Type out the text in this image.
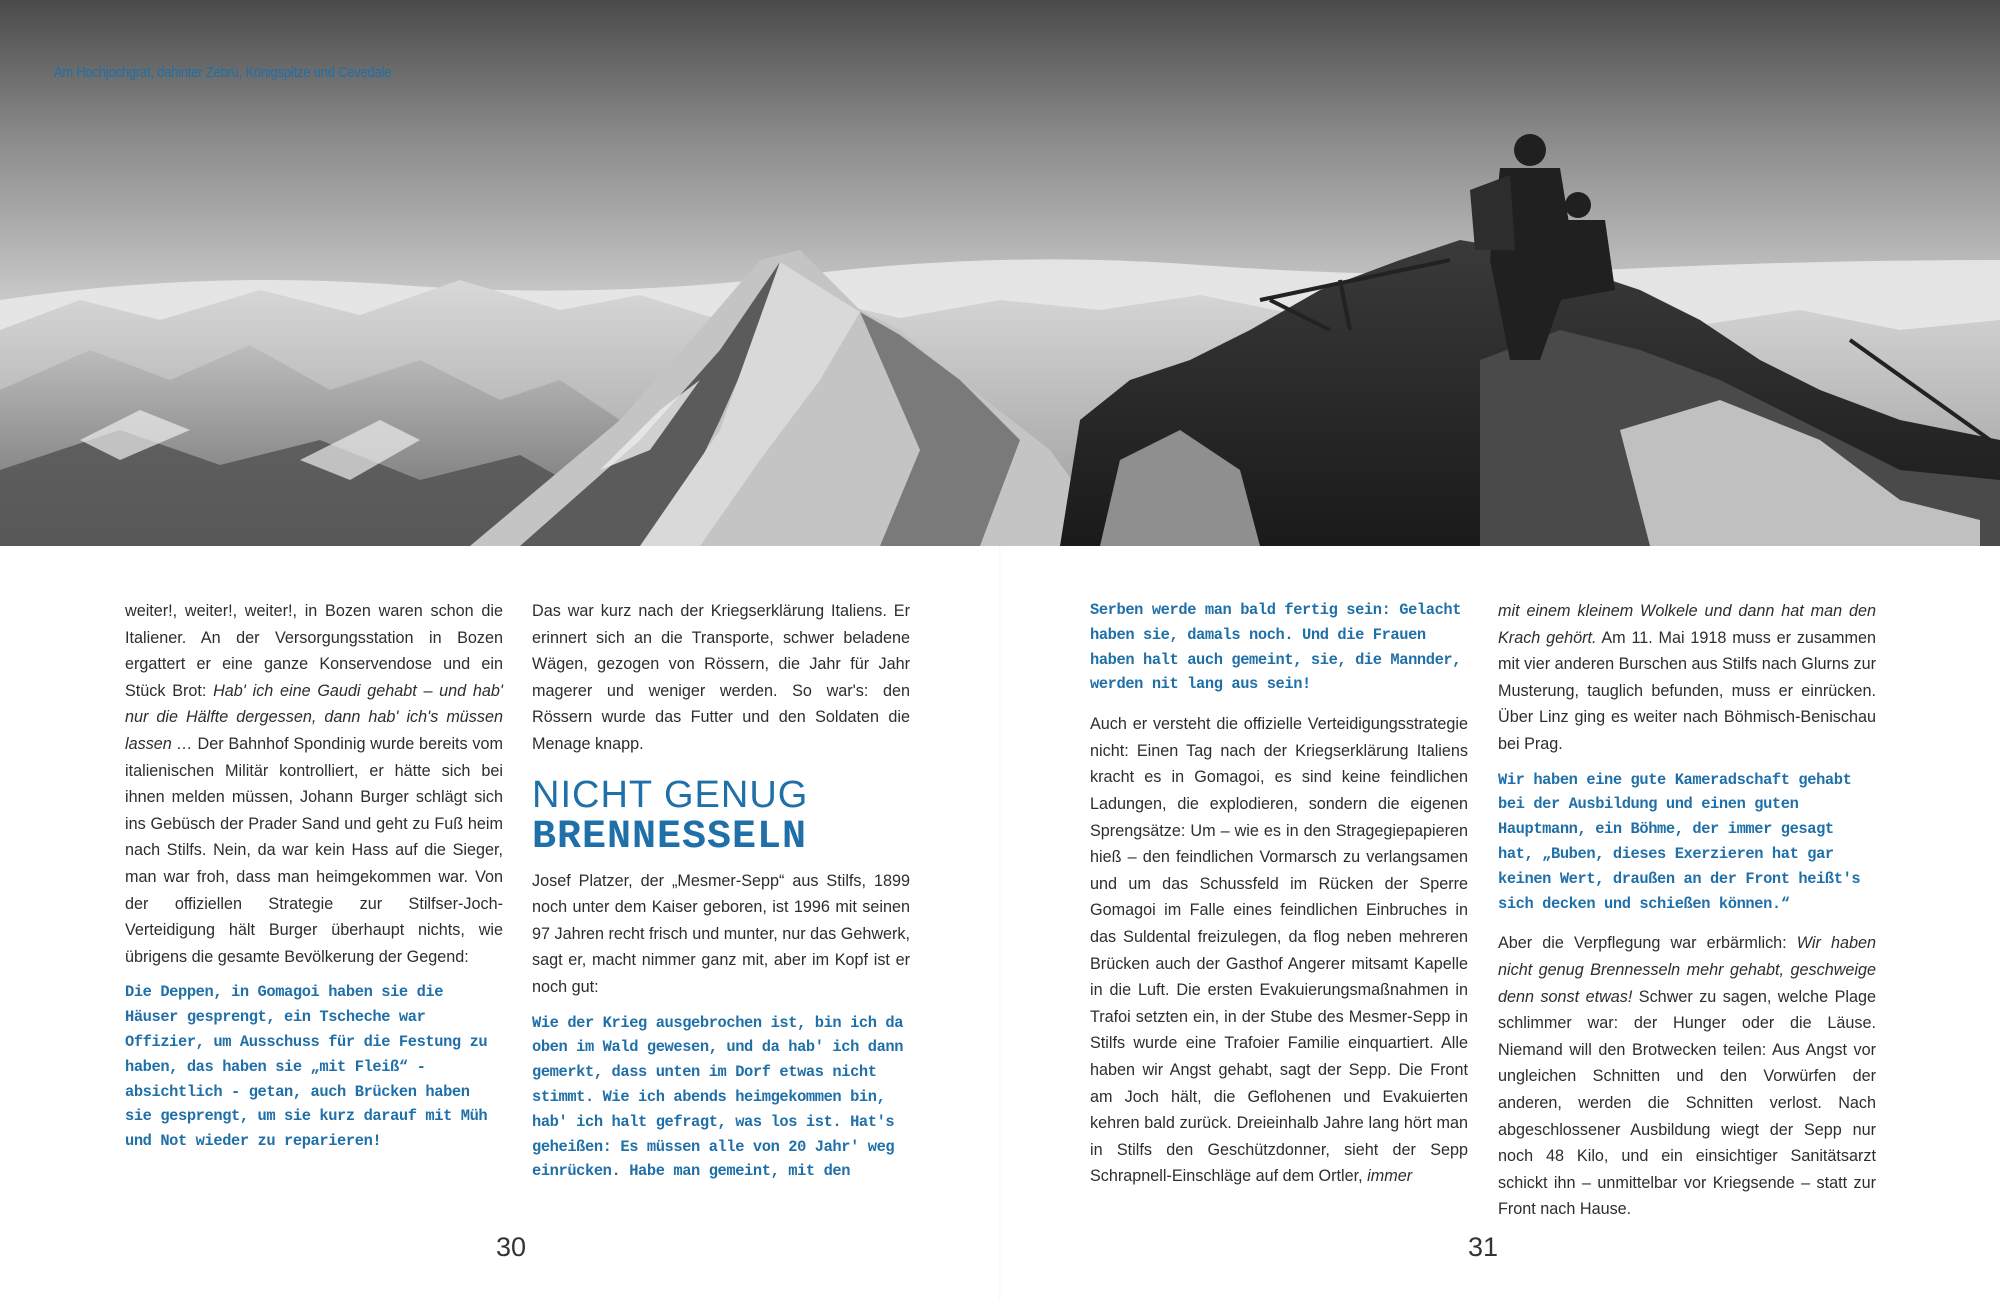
Am Hochjochgrat, dahinter Zebrù, Königspitze und Cevedale

weiter!, weiter!, weiter!, in Bozen waren schon die Italiener. An der Versorgungsstation in Bozen ergattert er eine ganze Konservendose und ein Stück Brot: Hab' ich eine Gaudi gehabt – und hab' nur die Hälfte dergessen, dann hab' ich's müssen lassen … Der Bahnhof Spondinig wurde bereits vom italienischen Militär kontrolliert, er hätte sich bei ihnen melden müssen, Johann Burger schlägt sich ins Gebüsch der Prader Sand und geht zu Fuß heim nach Stilfs. Nein, da war kein Hass auf die Sieger, man war froh, dass man heimgekommen war. Von der offiziellen Strategie zur Stilfser-Joch-Verteidigung hält Burger überhaupt nichts, wie übrigens die gesamte Bevölkerung der Gegend:

Die Deppen, in Gomagoi haben sie die Häuser gesprengt, ein Tscheche war Offizier, um Ausschuss für die Festung zu haben, das haben sie „mit Fleiß“ - absichtlich - getan, auch Brücken haben sie gesprengt, um sie kurz darauf mit Müh und Not wieder zu reparieren!

Das war kurz nach der Kriegserklärung Italiens. Er erinnert sich an die Transporte, schwer beladene Wägen, gezogen von Rössern, die Jahr für Jahr magerer und weniger werden. So war's: den Rössern wurde das Futter und den Soldaten die Menage knapp.

NICHT GENUG
BRENNESSELN

Josef Platzer, der „Mesmer-Sepp“ aus Stilfs, 1899 noch unter dem Kaiser geboren, ist 1996 mit seinen 97 Jahren recht frisch und munter, nur das Gehwerk, sagt er, macht nimmer ganz mit, aber im Kopf ist er noch gut:

Wie der Krieg ausgebrochen ist, bin ich da oben im Wald gewesen, und da hab' ich dann gemerkt, dass unten im Dorf etwas nicht stimmt. Wie ich abends heimgekommen bin, hab' ich halt gefragt, was los ist. Hat's geheißen: Es müssen alle von 20 Jahr' weg einrücken. Habe man gemeint, mit den

Serben werde man bald fertig sein: Gelacht haben sie, damals noch. Und die Frauen haben halt auch gemeint, sie, die Mannder, werden nit lang aus sein!

Auch er versteht die offizielle Verteidigungsstrategie nicht: Einen Tag nach der Kriegserklärung Italiens kracht es in Gomagoi, es sind keine feindlichen Ladungen, die explodieren, sondern die eigenen Sprengsätze: Um – wie es in den Stragegiepapieren hieß – den feindlichen Vormarsch zu verlangsamen und um das Schussfeld im Rücken der Sperre Gomagoi im Falle eines feindlichen Einbruches in das Suldental freizulegen, da flog neben mehreren Brücken auch der Gasthof Angerer mitsamt Kapelle in die Luft. Die ersten Evakuierungsmaßnahmen in Trafoi setzten ein, in der Stube des Mesmer-Sepp in Stilfs wurde eine Trafoier Familie einquartiert. Alle haben wir Angst gehabt, sagt der Sepp. Die Front am Joch hält, die Geflohenen und Evakuierten kehren bald zurück. Dreieinhalb Jahre lang hört man in Stilfs den Geschützdonner, sieht der Sepp Schrapnell-Einschläge auf dem Ortler, immer

mit einem kleinem Wolkele und dann hat man den Krach gehört. Am 11. Mai 1918 muss er zusammen mit vier anderen Burschen aus Stilfs nach Glurns zur Musterung, tauglich befunden, muss er einrücken. Über Linz ging es weiter nach Böhmisch-Benischau bei Prag.

Wir haben eine gute Kameradschaft gehabt bei der Ausbildung und einen guten Hauptmann, ein Böhme, der immer gesagt hat, „Buben, dieses Exerzieren hat gar keinen Wert, draußen an der Front heißt's sich decken und schießen können.“

Aber die Verpflegung war erbärmlich: Wir haben nicht genug Brennesseln mehr gehabt, geschweige denn sonst etwas! Schwer zu sagen, welche Plage schlimmer war: der Hunger oder die Läuse. Niemand will den Brotwecken teilen: Aus Angst vor ungleichen Schnitten und den Vorwürfen der anderen, werden die Schnitten verlost. Nach abgeschlossener Ausbildung wiegt der Sepp nur noch 48 Kilo, und ein einsichtiger Sanitätsarzt schickt ihn – unmittelbar vor Kriegsende – statt zur Front nach Hause.

30	31
